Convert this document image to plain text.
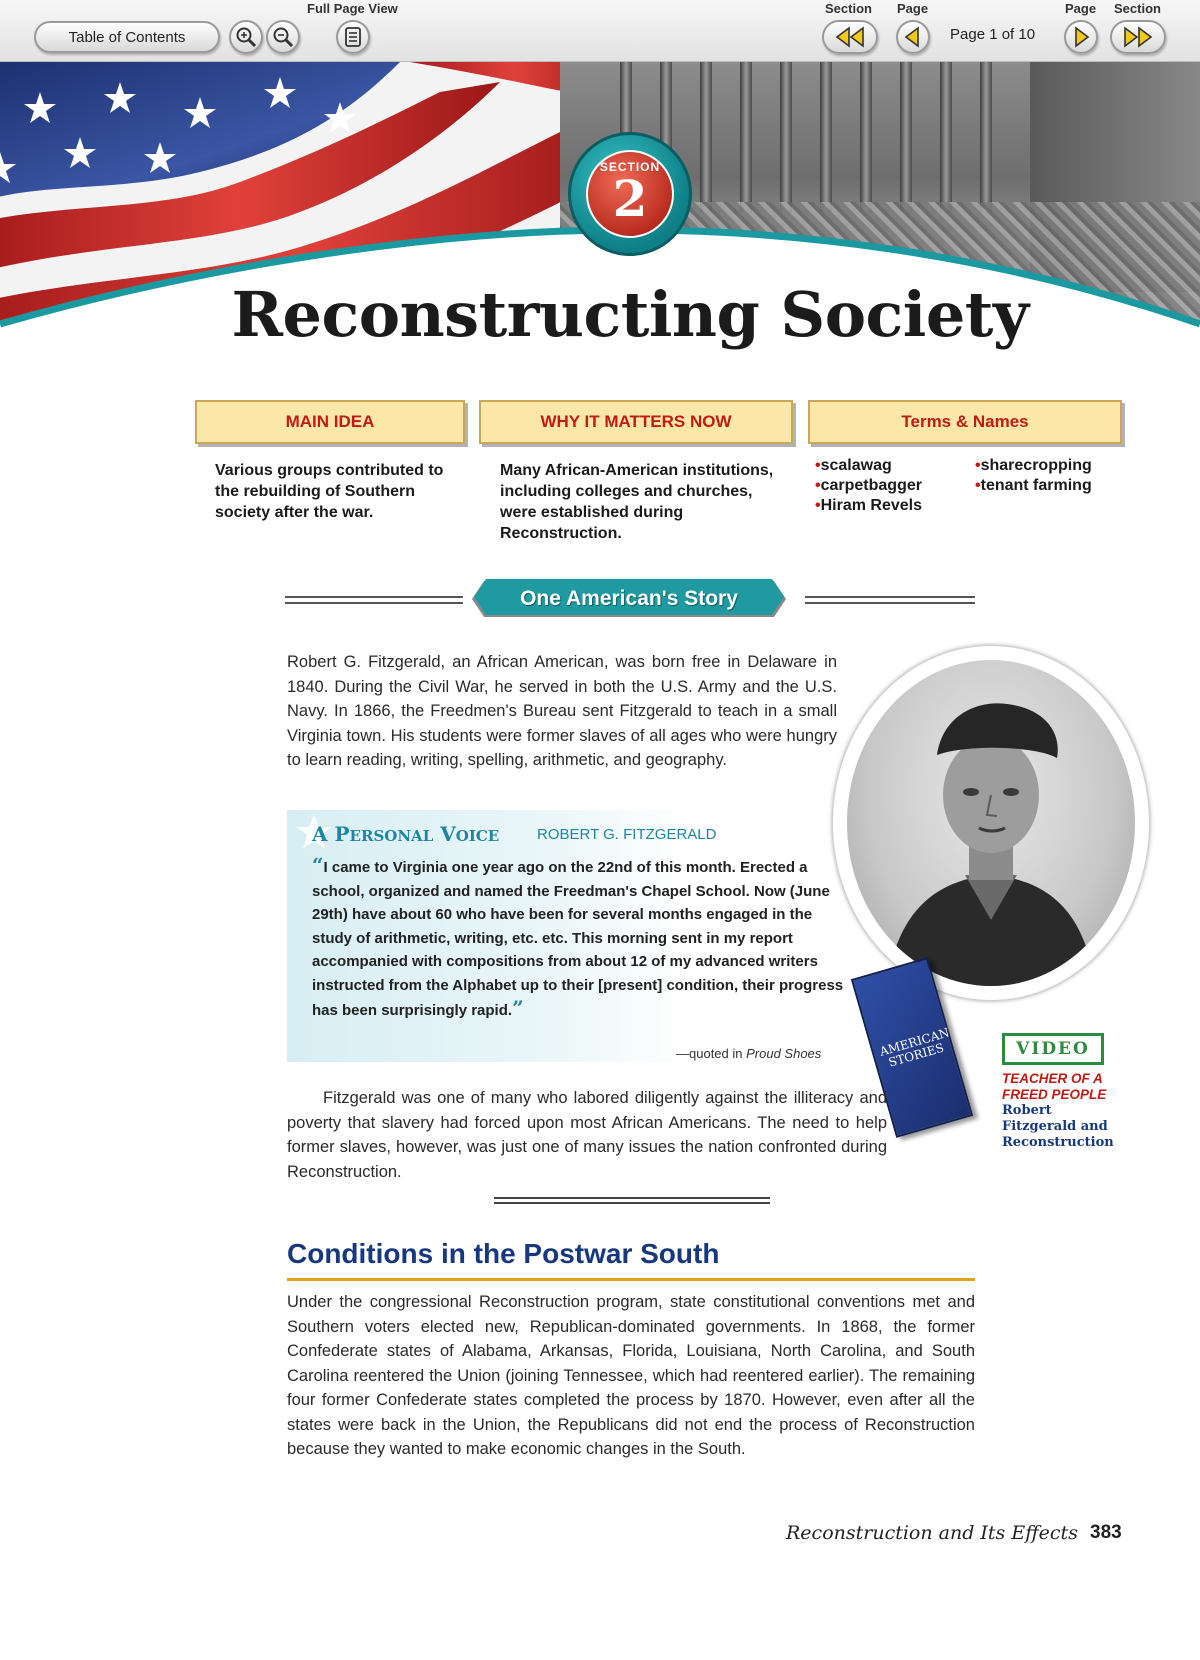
Table of Contents
Full Page View	Section Page	Page Section
Page 1 of 10
SECTION
2
Reconstructing Society
MAIN IDEA	WHY IT MATTERS NOW	Terms & Names
Various groups contributed to the rebuilding of Southern society after the war.
Many African-American institutions, including colleges and churches, were established during Reconstruction.
• scalawag
• carpetbagger
• Hiram Revels
• sharecropping
• tenant farming
One American's Story
Robert G. Fitzgerald, an African American, was born free in Delaware in 1840. During the Civil War, he served in both the U.S. Army and the U.S. Navy. In 1866, the Freedmen's Bureau sent Fitzgerald to teach in a small Virginia town. His students were former slaves of all ages who were hungry to learn reading, writing, spelling, arithmetic, and geography.
A PERSONAL VOICE	ROBERT G. FITZGERALD
“I came to Virginia one year ago on the 22nd of this month. Erected a school, organized and named the Freedman's Chapel School. Now (June 29th) have about 60 who have been for several months engaged in the study of arithmetic, writing, etc. etc. This morning sent in my report accompanied with compositions from about 12 of my advanced writers instructed from the Alphabet up to their [present] condition, their progress has been surprisingly rapid.”
—quoted in Proud Shoes	AMERICAN STORIES	VIDEO
TEACHER OF A
FREED PEOPLE
Robert
Fitzgerald and
Reconstruction
Fitzgerald was one of many who labored diligently against the illiteracy and poverty that slavery had forced upon most African Americans. The need to help former slaves, however, was just one of many issues the nation confronted during Reconstruction.
Conditions in the Postwar South
Under the congressional Reconstruction program, state constitutional conventions met and Southern voters elected new, Republican-dominated governments. In 1868, the former Confederate states of Alabama, Arkansas, Florida, Louisiana, North Carolina, and South Carolina reentered the Union (joining Tennessee, which had reentered earlier). The remaining four former Confederate states completed the process by 1870. However, even after all the states were back in the Union, the Republicans did not end the process of Reconstruction because they wanted to make economic changes in the South.
Reconstruction and Its Effects 383
